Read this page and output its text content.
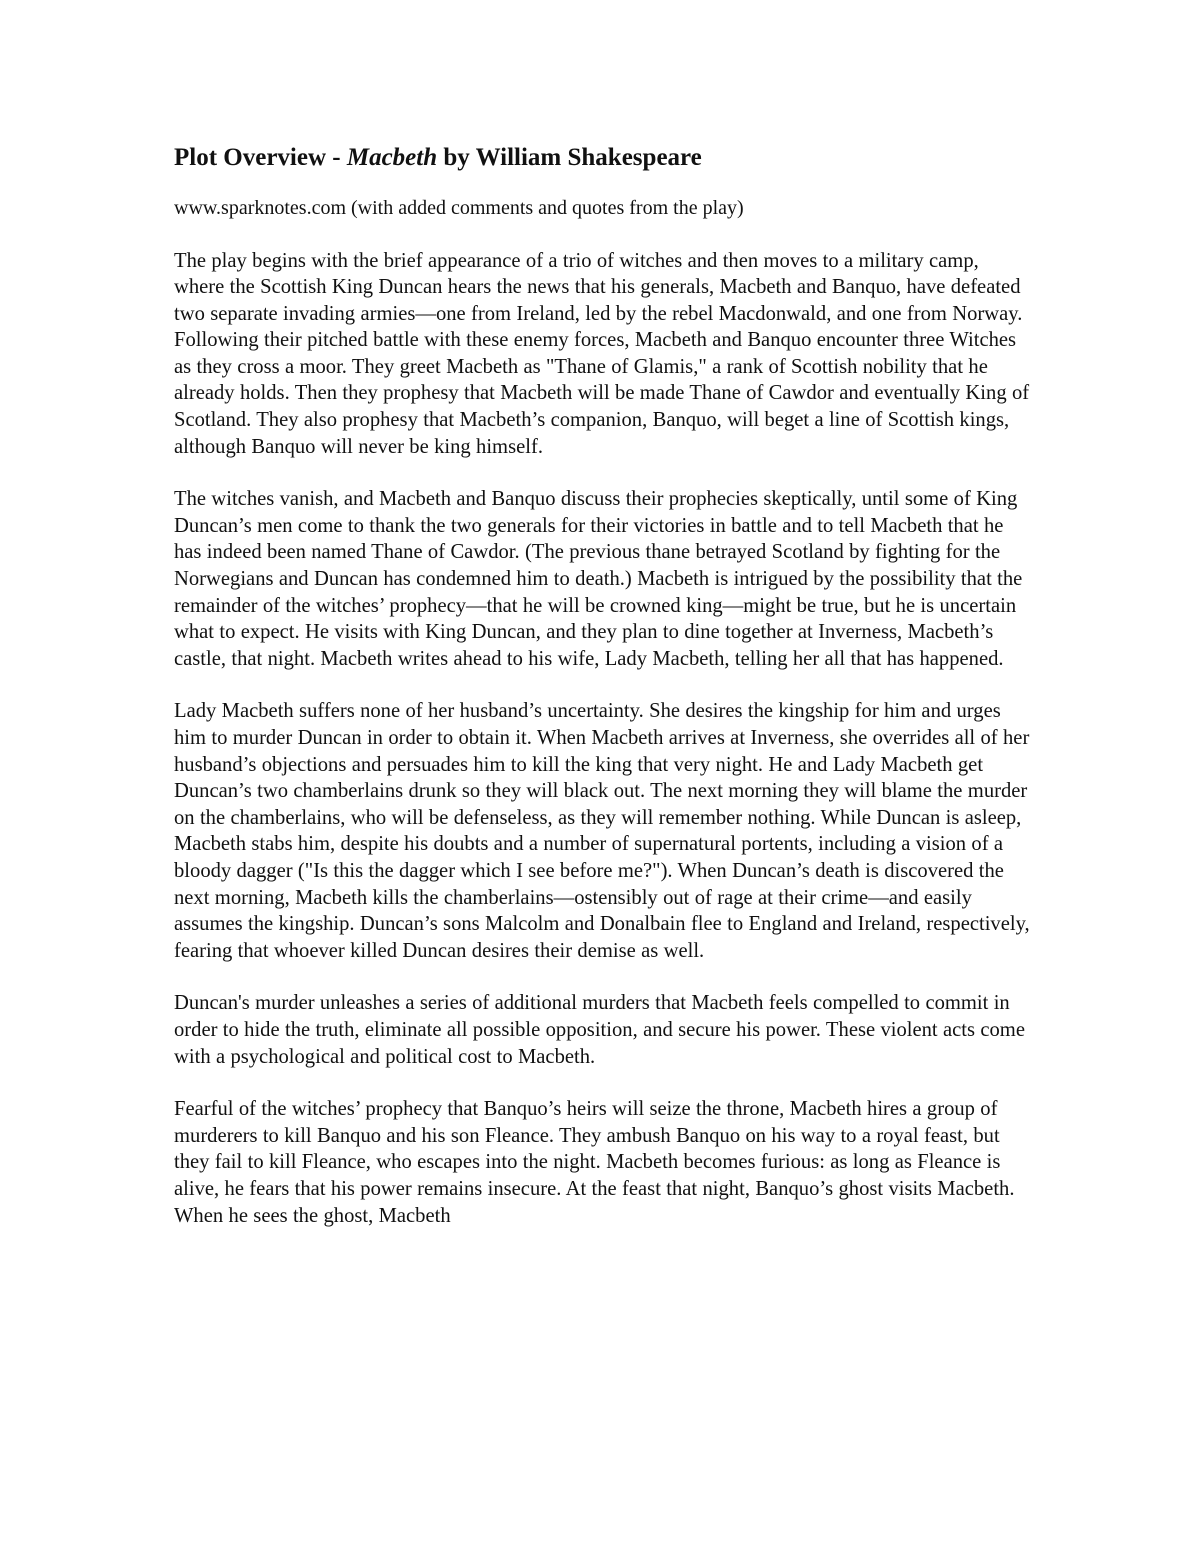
Plot Overview - Macbeth by William Shakespeare

www.sparknotes.com (with added comments and quotes from the play)

The play begins with the brief appearance of a trio of witches and then moves to a military camp, where the Scottish King Duncan hears the news that his generals, Macbeth and Banquo, have defeated two separate invading armies—one from Ireland, led by the rebel Macdonwald, and one from Norway. Following their pitched battle with these enemy forces, Macbeth and Banquo encounter three Witches as they cross a moor. They greet Macbeth as "Thane of Glamis," a rank of Scottish nobility that he already holds. Then they prophesy that Macbeth will be made Thane of Cawdor and eventually King of Scotland. They also prophesy that Macbeth’s companion, Banquo, will beget a line of Scottish kings, although Banquo will never be king himself.

The witches vanish, and Macbeth and Banquo discuss their prophecies skeptically, until some of King Duncan’s men come to thank the two generals for their victories in battle and to tell Macbeth that he has indeed been named Thane of Cawdor. (The previous thane betrayed Scotland by fighting for the Norwegians and Duncan has condemned him to death.) Macbeth is intrigued by the possibility that the remainder of the witches’ prophecy—that he will be crowned king—might be true, but he is uncertain what to expect. He visits with King Duncan, and they plan to dine together at Inverness, Macbeth’s castle, that night. Macbeth writes ahead to his wife, Lady Macbeth, telling her all that has happened.

Lady Macbeth suffers none of her husband’s uncertainty. She desires the kingship for him and urges him to murder Duncan in order to obtain it. When Macbeth arrives at Inverness, she overrides all of her husband’s objections and persuades him to kill the king that very night. He and Lady Macbeth get Duncan’s two chamberlains drunk so they will black out. The next morning they will blame the murder on the chamberlains, who will be defenseless, as they will remember nothing. While Duncan is asleep, Macbeth stabs him, despite his doubts and a number of supernatural portents, including a vision of a bloody dagger ("Is this the dagger which I see before me?"). When Duncan’s death is discovered the next morning, Macbeth kills the chamberlains—ostensibly out of rage at their crime—and easily assumes the kingship. Duncan’s sons Malcolm and Donalbain flee to England and Ireland, respectively, fearing that whoever killed Duncan desires their demise as well.

Duncan's murder unleashes a series of additional murders that Macbeth feels compelled to commit in order to hide the truth, eliminate all possible opposition, and secure his power. These violent acts come with a psychological and political cost to Macbeth.

Fearful of the witches’ prophecy that Banquo’s heirs will seize the throne, Macbeth hires a group of murderers to kill Banquo and his son Fleance. They ambush Banquo on his way to a royal feast, but they fail to kill Fleance, who escapes into the night. Macbeth becomes furious: as long as Fleance is alive, he fears that his power remains insecure. At the feast that night, Banquo’s ghost visits Macbeth. When he sees the ghost, Macbeth
